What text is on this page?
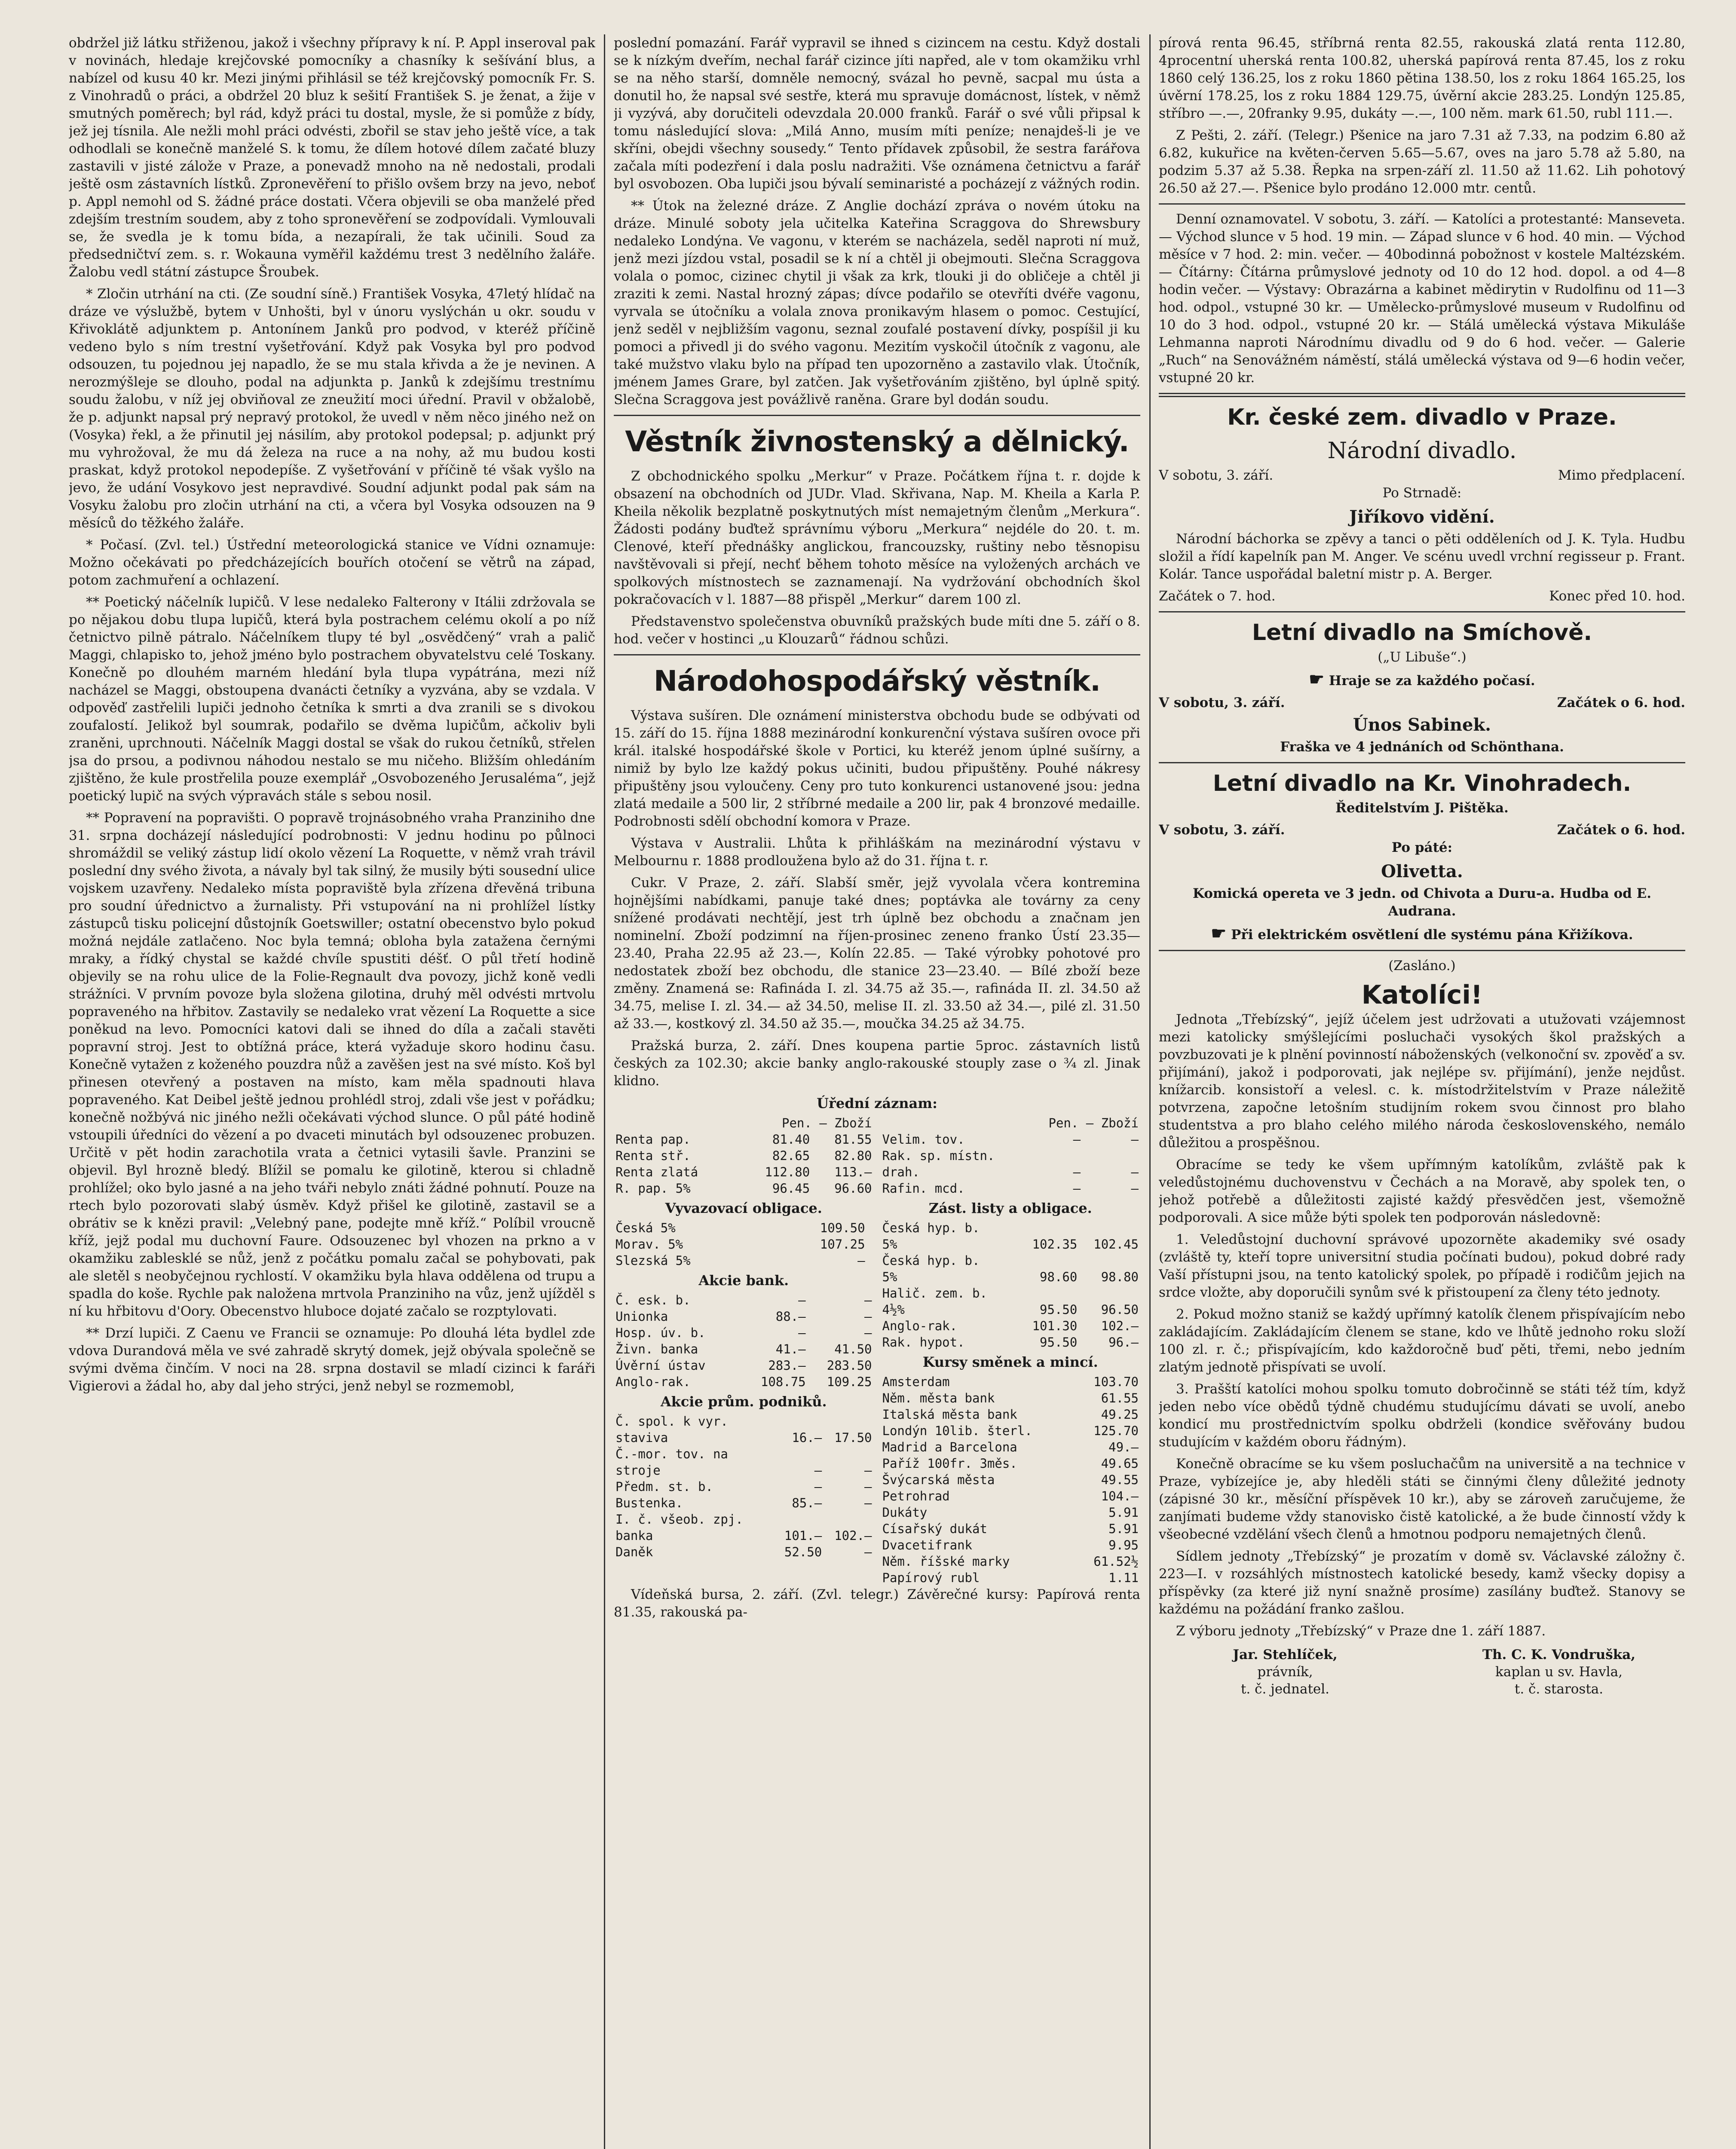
obdržel již látku střiženou, jakož i všechny přípravy k ní. P. Appl inseroval pak v novinách, hledaje krejčovské pomocníky a chasníky k sešívání blus, a nabízel od kusu 40 kr. Mezi jinými přihlásil se též krejčovský pomocník Fr. S. z Vinohradů o práci, a obdržel 20 bluz k sešití František S. je ženat, a žije v smutných poměrech; byl rád, když práci tu dostal, mysle, že si pomůže z bídy, jež jej tísnila. Ale nežli mohl práci odvésti, zbořil se stav jeho ještě více, a tak odhodlali se konečně manželé S. k tomu, že dílem hotové dílem začaté bluzy zastavili v jisté zálože v Praze, a ponevadž mnoho na ně nedostali, prodali ještě osm zástavních lístků. Zpronevěření to přišlo ovšem brzy na jevo, neboť p. Appl nemohl od S. žádné práce dostati. Včera objevili se oba manželé před zdejším trestním soudem, aby z toho spronevěření se zodpovídali. Vymlouvali se, že svedla je k tomu bída, a nezapírali, že tak učinili. Soud za předsedničtví zem. s. r. Wokauna vyměřil každému trest 3 nedělního žaláře. Žalobu vedl státní zástupce Šroubek.

* Zločin utrhání na cti. (Ze soudní síně.) František Vosyka, 47letý hlídač na dráze ve výslužbě, bytem v Unhošti, byl v únoru vyslýchán u okr. soudu v Křivoklátě adjunktem p. Antonínem Janků pro podvod, v kteréž příčině vedeno bylo s ním trestní vyšetřování. Když pak Vosyka byl pro podvod odsouzen, tu pojednou jej napadlo, že se mu stala křivda a že je nevinen. A nerozmýšleje se dlouho, podal na adjunkta p. Janků k zdejšímu trestnímu soudu žalobu, v níž jej obviňoval ze zneužití moci úřední. Pravil v obžalobě, že p. adjunkt napsal prý nepravý protokol, že uvedl v něm něco jiného než on (Vosyka) řekl, a že přinutil jej násilím, aby protokol podepsal; p. adjunkt prý mu vyhrožoval, že mu dá železa na ruce a na nohy, až mu budou kosti praskat, když protokol nepodepíše. Z vyšetřování v příčině té však vyšlo na jevo, že udání Vosykovo jest nepravdivé. Soudní adjunkt podal pak sám na Vosyku žalobu pro zločin utrhání na cti, a včera byl Vosyka odsouzen na 9 měsíců do těžkého žaláře.

* Počasí. (Zvl. tel.) Ústřední meteorologická stanice ve Vídni oznamuje: Možno očekávati po předcházejících bouřích otočení se větrů na západ, potom zachmuření a ochlazení.

** Poetický náčelník lupičů. V lese nedaleko Falterony v Itálii zdržovala se po nějakou dobu tlupa lupičů, která byla postrachem celému okolí a po níž četnictvo pilně pátralo. Náčelníkem tlupy té byl „osvědčený“ vrah a palič Maggi, chlapisko to, jehož jméno bylo postrachem obyvatelstvu celé Toskany. Konečně po dlouhém marném hledání byla tlupa vypátrána, mezi níž nacházel se Maggi, obstoupena dvanácti četníky a vyzvána, aby se vzdala. V odpověď zastřelili lupiči jednoho četníka k smrti a dva zranili se s divokou zoufalostí. Jelikož byl soumrak, podařilo se dvěma lupičům, ačkoliv byli zraněni, uprchnouti. Náčelník Maggi dostal se však do rukou četníků, střelen jsa do prsou, a podivnou náhodou nestalo se mu ničeho. Bližším ohledáním zjištěno, že kule prostřelila pouze exemplář „Osvobozeného Jerusaléma“, jejž poetický lupič na svých výpravách stále s sebou nosil.

** Popravení na popravišti. O popravě trojnásobného vraha Pranziniho dne 31. srpna docházejí následující podrobnosti: V jednu hodinu po půlnoci shromáždil se veliký zástup lidí okolo vězení La Roquette, v němž vrah trávil poslední dny svého života, a návaly byl tak silný, že musily býti sousední ulice vojskem uzavřeny. Nedaleko místa popraviště byla zřízena dřevěná tribuna pro soudní úřednictvo a žurnalisty. Při vstupování na ni prohlížel lístky zástupců tisku policejní důstojník Goetswiller; ostatní obecenstvo bylo pokud možná nejdále zatlačeno. Noc byla temná; obloha byla zatažena černými mraky, a řídký chystal se každé chvíle spustiti déšť. O půl třetí hodině objevily se na rohu ulice de la Folie-Regnault dva povozy, jichž koně vedli strážníci. V prvním povoze byla složena gilotina, druhý měl odvésti mrtvolu popraveného na hřbitov. Zastavily se nedaleko vrat vězení La Roquette a sice poněkud na levo. Pomocníci katovi dali se ihned do díla a začali stavěti popravní stroj. Jest to obtížná práce, která vyžaduje skoro hodinu času. Konečně vytažen z koženého pouzdra nůž a zavěšen jest na své místo. Koš byl přinesen otevřený a postaven na místo, kam měla spadnouti hlava popraveného. Kat Deibel ještě jednou prohlédl stroj, zdali vše jest v pořádku; konečně nožbývá nic jiného nežli očekávati východ slunce. O půl páté hodině vstoupili úředníci do vězení a po dvaceti minutách byl odsouzenec probuzen. Určitě v pět hodin zarachotila vrata a četnici vytasili šavle. Pranzini se objevil. Byl hrozně bledý. Blížil se pomalu ke gilotině, kterou si chladně prohlížel; oko bylo jasné a na jeho tváři nebylo znáti žádné pohnutí. Pouze na rtech bylo pozorovati slabý úsměv. Když přišel ke gilotině, zastavil se a obrátiv se k knězi pravil: „Velebný pane, podejte mně kříž.“ Políbil vroucně kříž, jejž podal mu duchovní Faure. Odsouzenec byl vhozen na prkno a v okamžiku zablesklé se nůž, jenž z počátku pomalu začal se pohybovati, pak ale sletěl s neobyčejnou rychlostí. V okamžiku byla hlava oddělena od trupu a spadla do koše. Rychle pak naložena mrtvola Pranziniho na vůz, jenž ujížděl s ní ku hřbitovu d'Oory. Obecenstvo hluboce dojaté začalo se rozptylovati.

** Drzí lupiči. Z Caenu ve Francii se oznamuje: Po dlouhá léta bydlel zde vdova Durandová měla ve své zahradě skrytý domek, jejž obývala společně se svými dvěma činčím. V noci na 28. srpna dostavil se mladí cizinci k faráři Vigierovi a žádal ho, aby dal jeho strýci, jenž nebyl se rozmemobl,

poslední pomazání. Farář vypravil se ihned s cizincem na cestu. Když dostali se k nízkým dveřím, nechal farář cizince jíti napřed, ale v tom okamžiku vrhl se na něho starší, domněle nemocný, svázal ho pevně, sacpal mu ústa a donutil ho, že napsal své sestře, která mu spravuje domácnost, lístek, v němž ji vyzývá, aby doručiteli odevzdala 20.000 franků. Farář o své vůli připsal k tomu následující slova: „Milá Anno, musím míti peníze; nenajdeš-li je ve skříni, obejdi všechny sousedy.“ Tento přídavek způsobil, že sestra farářova začala míti podezření i dala poslu nadražiti. Vše oznámena četnictvu a farář byl osvobozen. Oba lupiči jsou bývalí seminaristé a pocházejí z vážných rodin.

** Útok na železné dráze. Z Anglie dochází zpráva o novém útoku na dráze. Minulé soboty jela učitelka Kateřina Scraggova do Shrewsbury nedaleko Londýna. Ve vagonu, v kterém se nacházela, seděl naproti ní muž, jenž mezi jízdou vstal, posadil se k ní a chtěl ji obejmouti. Slečna Scraggova volala o pomoc, cizinec chytil ji však za krk, tlouki ji do obličeje a chtěl ji zraziti k zemi. Nastal hrozný zápas; dívce podařilo se otevříti dvéře vagonu, vyrvala se útočníku a volala znova pronikavým hlasem o pomoc. Cestující, jenž seděl v nejbližším vagonu, seznal zoufalé postavení dívky, pospíšil ji ku pomoci a přivedl ji do svého vagonu. Mezitím vyskočil útočník z vagonu, ale také mužstvo vlaku bylo na případ ten upozorněno a zastavilo vlak. Útočník, jménem James Grare, byl zatčen. Jak vyšetřováním zjištěno, byl úplně spitý. Slečna Scraggova jest povážlivě raněna. Grare byl dodán soudu.

Věstník živnostenský a dělnický.

Z obchodnického spolku „Merkur“ v Praze. Počátkem října t. r. dojde k obsazení na obchodních od JUDr. Vlad. Skřivana, Nap. M. Kheila a Karla P. Kheila několik bezplatně poskytnutých míst nemajetným členům „Merkura“. Žádosti podány buďtež správnímu výboru „Merkura“ nejdéle do 20. t. m. Clenové, kteří přednášky anglickou, francouzsky, ruštiny nebo těsnopisu navštěvovali si přejí, nechť během tohoto měsíce na vyložených archách ve spolkových místnostech se zaznamenají. Na vydržování obchodních škol pokračovacích v l. 1887—88 přispěl „Merkur“ darem 100 zl.

Představenstvo společenstva obuvníků pražských bude míti dne 5. září o 8. hod. večer v hostinci „u Klouzarů“ řádnou schůzi.

Národohospodářský věstník.

Výstava sušíren. Dle oznámení ministerstva obchodu bude se odbývati od 15. září do 15. října 1888 mezinárodní konkurenční výstava sušíren ovoce při král. italské hospodářské škole v Portici, ku kteréž jenom úplné sušírny, a nimiž by bylo lze každý pokus učiniti, budou připuštěny. Pouhé nákresy připuštěny jsou vyloučeny. Ceny pro tuto konkurenci ustanovené jsou: jedna zlatá medaile a 500 lir, 2 stříbrné medaile a 200 lir, pak 4 bronzové medaille. Podrobnosti sdělí obchodní komora v Praze.

Výstava v Australii. Lhůta k přihláškám na mezinárodní výstavu v Melbournu r. 1888 prodloužena bylo až do 31. října t. r.

Cukr. V Praze, 2. září. Slabší směr, jejž vyvolala včera kontremina hojnějšími nabídkami, panuje také dnes; poptávka ale továrny za ceny snížené prodávati nechtějí, jest trh úplně bez obchodu a značnam jen nominelní. Zboží podzimní na říjen-prosinec zeneno franko Ústí 23.35—23.40, Praha 22.95 až 23.—, Kolín 22.85. — Také výrobky pohotové pro nedostatek zboží bez obchodu, dle stanice 23—23.40. — Bílé zboží beze změny. Znamená se: Rafináda I. zl. 34.75 až 35.—, rafináda II. zl. 34.50 až 34.75, melise I. zl. 34.— až 34.50, melise II. zl. 33.50 až 34.—, pilé zl. 31.50 až 33.—, kostkový zl. 34.50 až 35.—, moučka 34.25 až 34.75.

Pražská burza, 2. září. Dnes koupena partie 5proc. zástavních listů českých za 102.30; akcie banky anglo-rakouské stouply zase o ¾ zl. Jinak klidno.

Úřední záznam:
	Pen. — Zboží	
Renta pap.	81.40	81.55
Renta stř.	82.65	82.80
Renta zlatá	112.80	113.—
R. pap. 5%	96.45	96.60
Vyvazovací obligace.
Česká 5%	109.50	
Morav. 5%	107.25	
Slezská 5%	—	
Akcie bank.
Č. esk. b.	—	—
Unionka	88.—	—
Hosp. úv. b.	—	—
Živn. banka	41.—	41.50
Úvěrní ústav	283.—	283.50
Anglo-rak.	108.75	109.25
Akcie prům. podniků.
Č. spol. k vyr.		
staviva	16.—	17.50
Č.-mor. tov. na		
stroje	—	—
Předm. st. b.	—	—
Bustenka.	85.—	—
I. č. všeob. zpj.		
banka	101.—	102.—
Daněk	52.50	—
	Pen. — Zboží	
Velim. tov.	—	—
Rak. sp. místn.		
drah.	—	—
Rafin. mcd.	—	—
Zást. listy a obligace.
Česká hyp. b.		
5%	102.35	102.45
Česká hyp. b.		
5%	98.60	98.80
Halič. zem. b.		
4½%	95.50	96.50
Anglo-rak.	101.30	102.—
Rak. hypot.	95.50	96.—
Kursy směnek a mincí.
Amsterdam		103.70
Něm. města bank		61.55
Italská města bank		49.25
Londýn 10lib. šterl.		125.70
Madrid a Barcelona		49.—
Paříž 100fr. 3měs.		49.65
Švýcarská města		49.55
Petrohrad		104.—
Dukáty		5.91
Císařský dukát		5.91
Dvacetifrank		9.95
Něm. říšské marky		61.52½
Papírový rubl		1.11

Vídeňská bursa, 2. září. (Zvl. telegr.) Závěrečné kursy: Papírová renta 81.35, rakouská pa-

pírová renta 96.45, stříbrná renta 82.55, rakouská zlatá renta 112.80, 4procentní uherská renta 100.82, uherská papírová renta 87.45, los z roku 1860 celý 136.25, los z roku 1860 pětina 138.50, los z roku 1864 165.25, los úvěrní 178.25, los z roku 1884 129.75, úvěrní akcie 283.25. Londýn 125.85, stříbro —.—, 20franky 9.95, dukáty —.—, 100 něm. mark 61.50, rubl 111.—.

Z Pešti, 2. září. (Telegr.) Pšenice na jaro 7.31 až 7.33, na podzim 6.80 až 6.82, kukuřice na květen-červen 5.65—5.67, oves na jaro 5.78 až 5.80, na podzim 5.37 až 5.38. Řepka na srpen-září zl. 11.50 až 11.62. Lih pohotový 26.50 až 27.—. Pšenice bylo prodáno 12.000 mtr. centů.

Denní oznamovatel. V sobotu, 3. září. — Katolíci a protestanté: Manseveta. — Východ slunce v 5 hod. 19 min. — Západ slunce v 6 hod. 40 min. — Východ měsíce v 7 hod. 2: min. večer. — 40bodinná pobožnost v kostele Maltézském. — Čítárny: Čítárna průmyslové jednoty od 10 do 12 hod. dopol. a od 4—8 hodin večer. — Výstavy: Obrazárna a kabinet mědirytin v Rudolfinu od 11—3 hod. odpol., vstupné 30 kr. — Umělecko-průmyslové museum v Rudolfinu od 10 do 3 hod. odpol., vstupné 20 kr. — Stálá umělecká výstava Mikuláše Lehmanna naproti Národnímu divadlu od 9 do 6 hod. večer. — Galerie „Ruch“ na Senovážném náměstí, stálá umělecká výstava od 9—6 hodin večer, vstupné 20 kr.

Kr. české zem. divadlo v Praze.
Národní divadlo.
V sobotu, 3. září.	Mimo předplacení.

Po Strnadě:

Jiříkovo vidění.

Národní báchorka se zpěvy a tanci o pěti odděleních od J. K. Tyla. Hudbu složil a řídí kapelník pan M. Anger. Ve scénu uvedl vrchní regisseur p. Frant. Kolár. Tance uspořádal baletní mistr p. A. Berger.

Začátek o 7. hod.	Konec před 10. hod.
Letní divadlo na Smíchově.

(„U Libuše“.)

☛ Hraje se za každého počasí.

V sobotu, 3. září.	Začátek o 6. hod.
Únos Sabinek.

Fraška ve 4 jednáních od Schönthana.

Letní divadlo na Kr. Vinohradech.

Ředitelstvím J. Pištěka.

V sobotu, 3. září.	Začátek o 6. hod.

Po páté:

Olivetta.

Komická opereta ve 3 jedn. od Chivota a Duru-a. Hudba od E. Audrana.

☛ Při elektrickém osvětlení dle systému pána Křižíkova.

(Zasláno.)

Katolíci!

Jednota „Třebízský“, jejíž účelem jest udržovati a utužovati vzájemnost mezi katolicky smýšlejícími posluchači vysokých škol pražských a povzbuzovati je k plnění povinností náboženských (velkonoční sv. zpověď a sv. přijímání), jakož i podporovati, jak nejlépe sv. přijímání), jenže nejdůst. knížarcib. konsistoří a velesl. c. k. místodržitelstvím v Praze náležitě potvrzena, započne letošním studijním rokem svou činnost pro blaho studentstva a pro blaho celého milého národa československého, nemálo důležitou a prospěšnou.

Obracíme se tedy ke všem upřímným katolíkům, zvláště pak k veledůstojnému duchovenstvu v Čechách a na Moravě, aby spolek ten, o jehož potřebě a důležitosti zajisté každý přesvědčen jest, všemožně podporovali. A sice může býti spolek ten podporován následovně:

1. Veledůstojní duchovní správové upozorněte akademiky své osady (zvláště ty, kteří topre universitní studia počínati budou), pokud dobré rady Vaší přístupni jsou, na tento katolický spolek, po případě i rodičům jejich na srdce vložte, aby doporučili synům své k přistoupení za členy této jednoty.

2. Pokud možno staniž se každý upřímný katolík členem přispívajícím nebo zakládajícím. Zakládajícím členem se stane, kdo ve lhůtě jednoho roku složí 100 zl. r. č.; přispívajícím, kdo každoročně buď pěti, třemi, nebo jedním zlatým jednotě přispívati se uvolí.

3. Prašští katolíci mohou spolku tomuto dobročinně se státi též tím, když jeden nebo více obědů týdně chudému studujícímu dávati se uvolí, anebo kondicí mu prostřednictvím spolku obdrželi (kondice svěřovány budou studujícím v každém oboru řádným).

Konečně obracíme se ku všem posluchačům na universitě a na technice v Praze, vybízejíce je, aby hleděli státi se činnými členy důležité jednoty (zápisné 30 kr., měsíční příspěvek 10 kr.), aby se zároveň zaručujeme, že zanjímati budeme vždy stanovisko čistě katolické, a že bude činností vždy k všeobecné vzdělání všech členů a hmotnou podporu nemajetných členů.

Sídlem jednoty „Třebízský“ je prozatím v domě sv. Václavské záložny č. 223—I. v rozsáhlých místnostech katolické besedy, kamž všecky dopisy a příspěvky (za které již nyní snažně prosíme) zasílány buďtež. Stanovy se každému na požádání franko zašlou.

Z výboru jednoty „Třebízský“ v Praze dne 1. září 1887.

Jar. Stehlíček,
právník,
t. č. jednatel.
Th. C. K. Vondruška,
kaplan u sv. Havla,
t. č. starosta.
